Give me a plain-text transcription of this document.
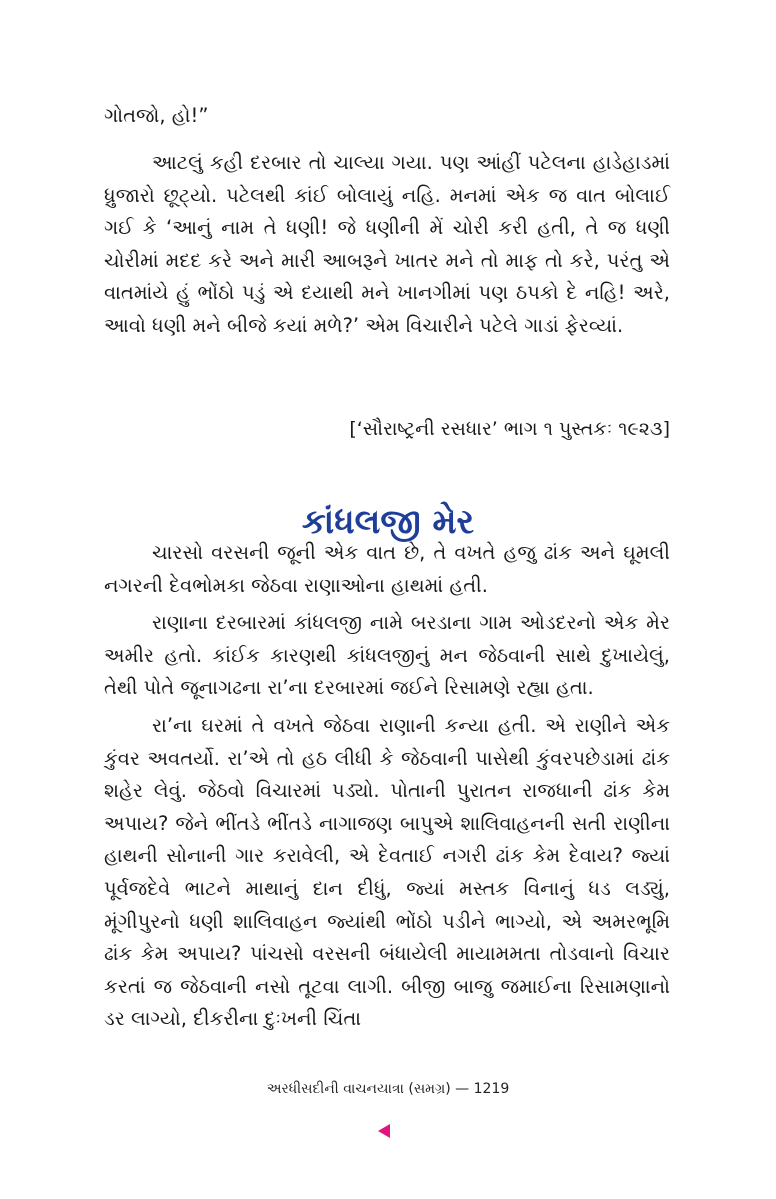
ગોતજો, હો!”

આટલું કહી દરબાર તો ચાલ્યા ગયા. પણ આંહીં પટેલના હાડેહાડમાં ધ્રુજારો છૂટ્યો. પટેલથી કાંઈ બોલાયું નહિ. મનમાં એક જ વાત બોલાઈ ગઈ કે ‘આનું નામ તે ધણી! જે ધણીની મેં ચોરી કરી હતી, તે જ ધણી ચોરીમાં મદદ કરે અને મારી આબરૂને ખાતર મને તો માફ તો કરે, પરંતુ એ વાતમાંયે હું ભોંઠો પડું એ દયાથી મને ખાનગીમાં પણ ઠપકો દે નહિ! અરે, આવો ધણી મને બીજે કયાં મળે?’ એમ વિચારીને પટેલે ગાડાં ફેરવ્યાં.

[‘સૌરાષ્ટ્રની રસધાર’ ભાગ ૧ પુસ્તકઃ ૧૯૨૩]
કાંધલજી મેર

ચારસો વરસની જૂની એક વાત છે, તે વખતે હજુ ઢાંક અને ઘૂમલી નગરની દેવભોમકા જેઠવા રાણાઓના હાથમાં હતી.

રાણાના દરબારમાં કાંધલજી નામે બરડાના ગામ ઓડદરનો એક મેર અમીર હતો. કાંઈક કારણથી કાંધલજીનું મન જેઠવાની સાથે દુખાયેલું, તેથી પોતે જૂનાગઢના રા’ના દરબારમાં જઈને રિસામણે રહ્યા હતા.

રા’ના ઘરમાં તે વખતે જેઠવા રાણાની કન્યા હતી. એ રાણીને એક કુંવર અવતર્યો. રા’એ તો હઠ લીધી કે જેઠવાની પાસેથી કુંવરપછેડામાં ઢાંક શહેર લેવું. જેઠવો વિચારમાં પડ્યો. પોતાની પુરાતન રાજધાની ઢાંક કેમ અપાય? જેને ભીંતડે ભીંતડે નાગાજણ બાપુએ શાલિવાહનની સતી રાણીના હાથની સોનાની ગાર કરાવેલી, એ દેવતાઈ નગરી ઢાંક કેમ દેવાય? જ્યાં પૂર્વજદેવે ભાટને માથાનું દાન દીધું, જ્યાં મસ્તક વિનાનું ધડ લડ્યું, મૂંગીપુરનો ધણી શાલિવાહન જ્યાંથી ભોંઠો પડીને ભાગ્યો, એ અમરભૂમિ ઢાંક કેમ અપાય? પાંચસો વરસની બંધાયેલી માયામમતા તોડવાનો વિચાર કરતાં જ જેઠવાની નસો તૂટવા લાગી. બીજી બાજુ જમાઈના રિસામણાનો ડર લાગ્યો, દીકરીના દુઃખની ચિંતા

અરધીસદીની વાચનયાત્રા (સમગ્ર) — 1219
